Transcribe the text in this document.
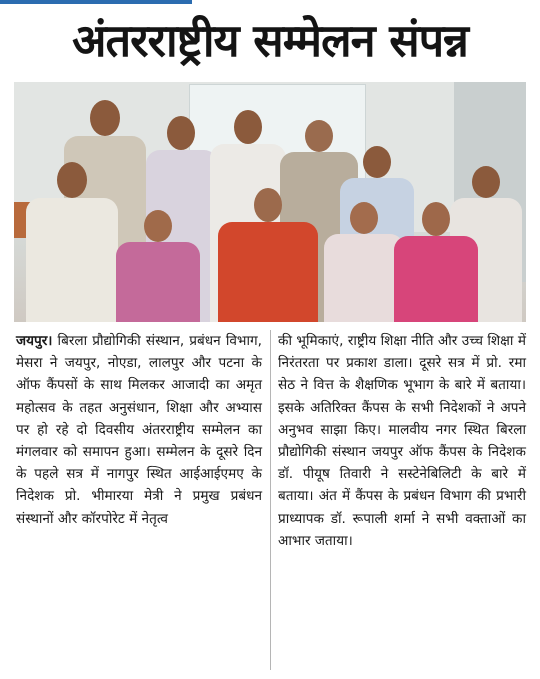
अंतरराष्ट्रीय सम्मेलन संपन्न

जयपुर। बिरला प्रौद्योगिकी संस्थान, प्रबंधन विभाग, मेसरा ने जयपुर, नोएडा, लालपुर और पटना के ऑफ कैंपसों के साथ मिलकर आजादी का अमृत महोत्सव के तहत अनुसंधान, शिक्षा और अभ्यास पर हो रहे दो दिवसीय अंतरराष्ट्रीय सम्मेलन का मंगलवार को समापन हुआ। सम्मेलन के दूसरे दिन के पहले सत्र में नागपुर स्थित आईआईएमए के निदेशक प्रो. भीमारया मेत्री ने प्रमुख प्रबंधन संस्थानों और कॉरपोरेट में नेतृत्व

की भूमिकाएं, राष्ट्रीय शिक्षा नीति और उच्च शिक्षा में निरंतरता पर प्रकाश डाला। दूसरे सत्र में प्रो. रमा सेठ ने वित्त के शैक्षणिक भूभाग के बारे में बताया। इसके अतिरिक्त कैंपस के सभी निदेशकों ने अपने अनुभव साझा किए। मालवीय नगर स्थित बिरला प्रौद्योगिकी संस्थान जयपुर ऑफ कैंपस के निदेशक डॉ. पीयूष तिवारी ने सस्टेनेबिलिटी के बारे में बताया। अंत में कैंपस के प्रबंधन विभाग की प्रभारी प्राध्यापक डॉ. रूपाली शर्मा ने सभी वक्ताओं का आभार जताया।
